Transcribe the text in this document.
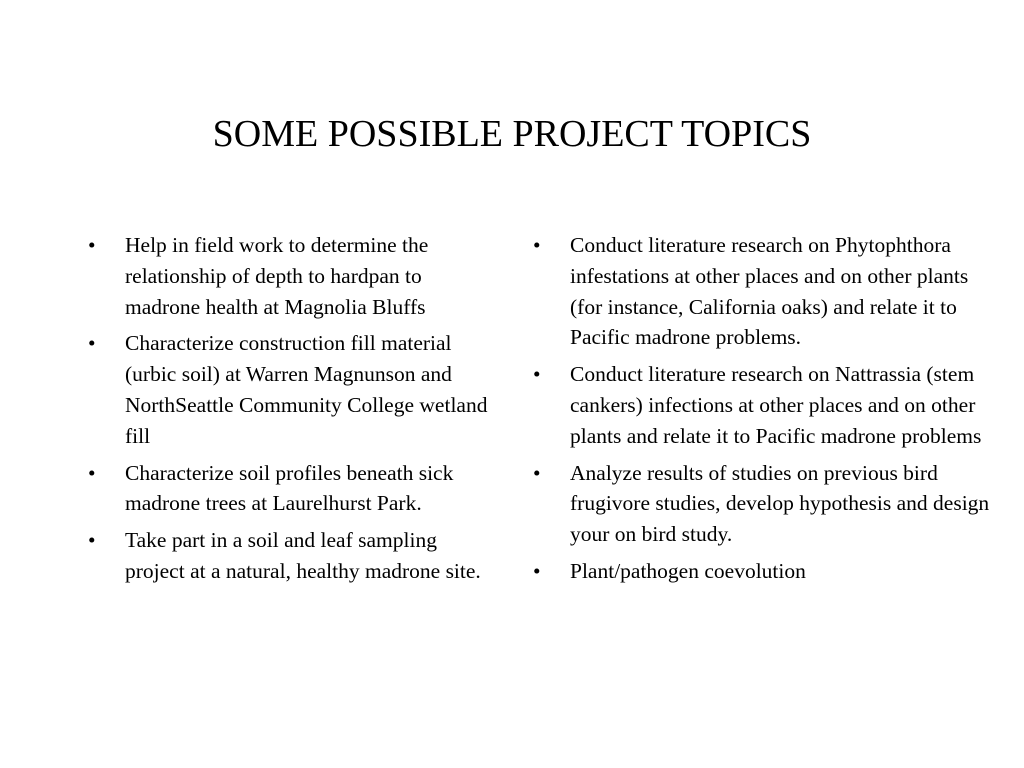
SOME POSSIBLE PROJECT TOPICS
•	Help in field work to determine the relationship of depth to hardpan to madrone health at Magnolia Bluffs
•	Characterize construction fill material (urbic soil) at Warren Magnunson and NorthSeattle Community College wetland fill
•	Characterize soil profiles beneath sick madrone trees at Laurelhurst Park.
•	Take part in a soil and leaf sampling project at a natural, healthy madrone site.
•	Conduct literature research on Phytophthora infestations at other places and on other plants (for instance, California oaks) and relate it to Pacific madrone problems.
•	Conduct literature research on Nattrassia (stem cankers) infections at other places and on other plants and relate it to Pacific madrone problems
•	Analyze results of studies on previous bird frugivore studies, develop hypothesis and design your on bird study.
•	Plant/pathogen coevolution
